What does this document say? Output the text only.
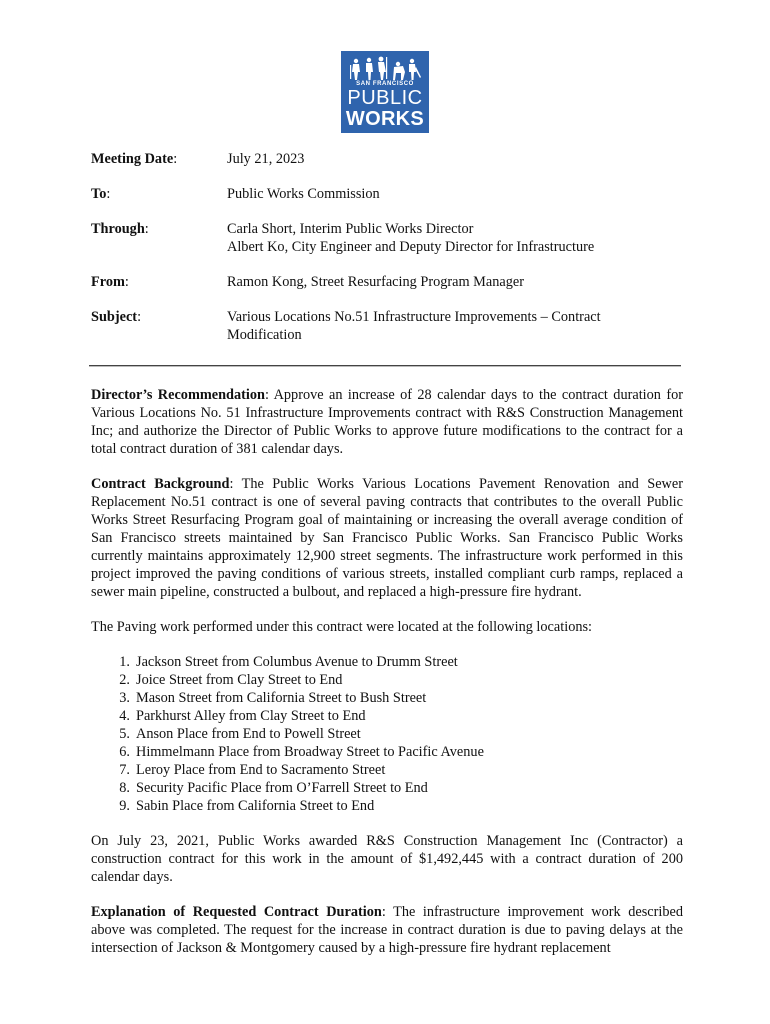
SAN FRANCISCO
PUBLIC
WORKS
Meeting Date:	July 21, 2023
To:	Public Works Commission
Through:	Carla Short, Interim Public Works Director
Albert Ko, City Engineer and Deputy Director for Infrastructure
From:	Ramon Kong, Street Resurfacing Program Manager
Subject:	Various Locations No.51 Infrastructure Improvements – Contract
Modification

Director’s Recommendation: Approve an increase of 28 calendar days to the contract duration for Various Locations No. 51 Infrastructure Improvements contract with R&S Construction Management Inc; and authorize the Director of Public Works to approve future modifications to the contract for a total contract duration of 381 calendar days.

Contract Background: The Public Works Various Locations Pavement Renovation and Sewer Replacement No.51 contract is one of several paving contracts that contributes to the overall Public Works Street Resurfacing Program goal of maintaining or increasing the overall average condition of San Francisco streets maintained by San Francisco Public Works. San Francisco Public Works currently maintains approximately 12,900 street segments. The infrastructure work performed in this project improved the paving conditions of various streets, installed compliant curb ramps, replaced a sewer main pipeline, constructed a bulbout, and replaced a high-pressure fire hydrant.

The Paving work performed under this contract were located at the following locations:

1. Jackson Street from Columbus Avenue to Drumm Street
2. Joice Street from Clay Street to End
3. Mason Street from California Street to Bush Street
4. Parkhurst Alley from Clay Street to End
5. Anson Place from End to Powell Street
6. Himmelmann Place from Broadway Street to Pacific Avenue
7. Leroy Place from End to Sacramento Street
8. Security Pacific Place from O’Farrell Street to End
9. Sabin Place from California Street to End

On July 23, 2021, Public Works awarded R&S Construction Management Inc (Contractor) a construction contract for this work in the amount of $1,492,445 with a contract duration of 200 calendar days.

Explanation of Requested Contract Duration: The infrastructure improvement work described above was completed. The request for the increase in contract duration is due to paving delays at the intersection of Jackson & Montgomery caused by a high-pressure fire hydrant replacement
